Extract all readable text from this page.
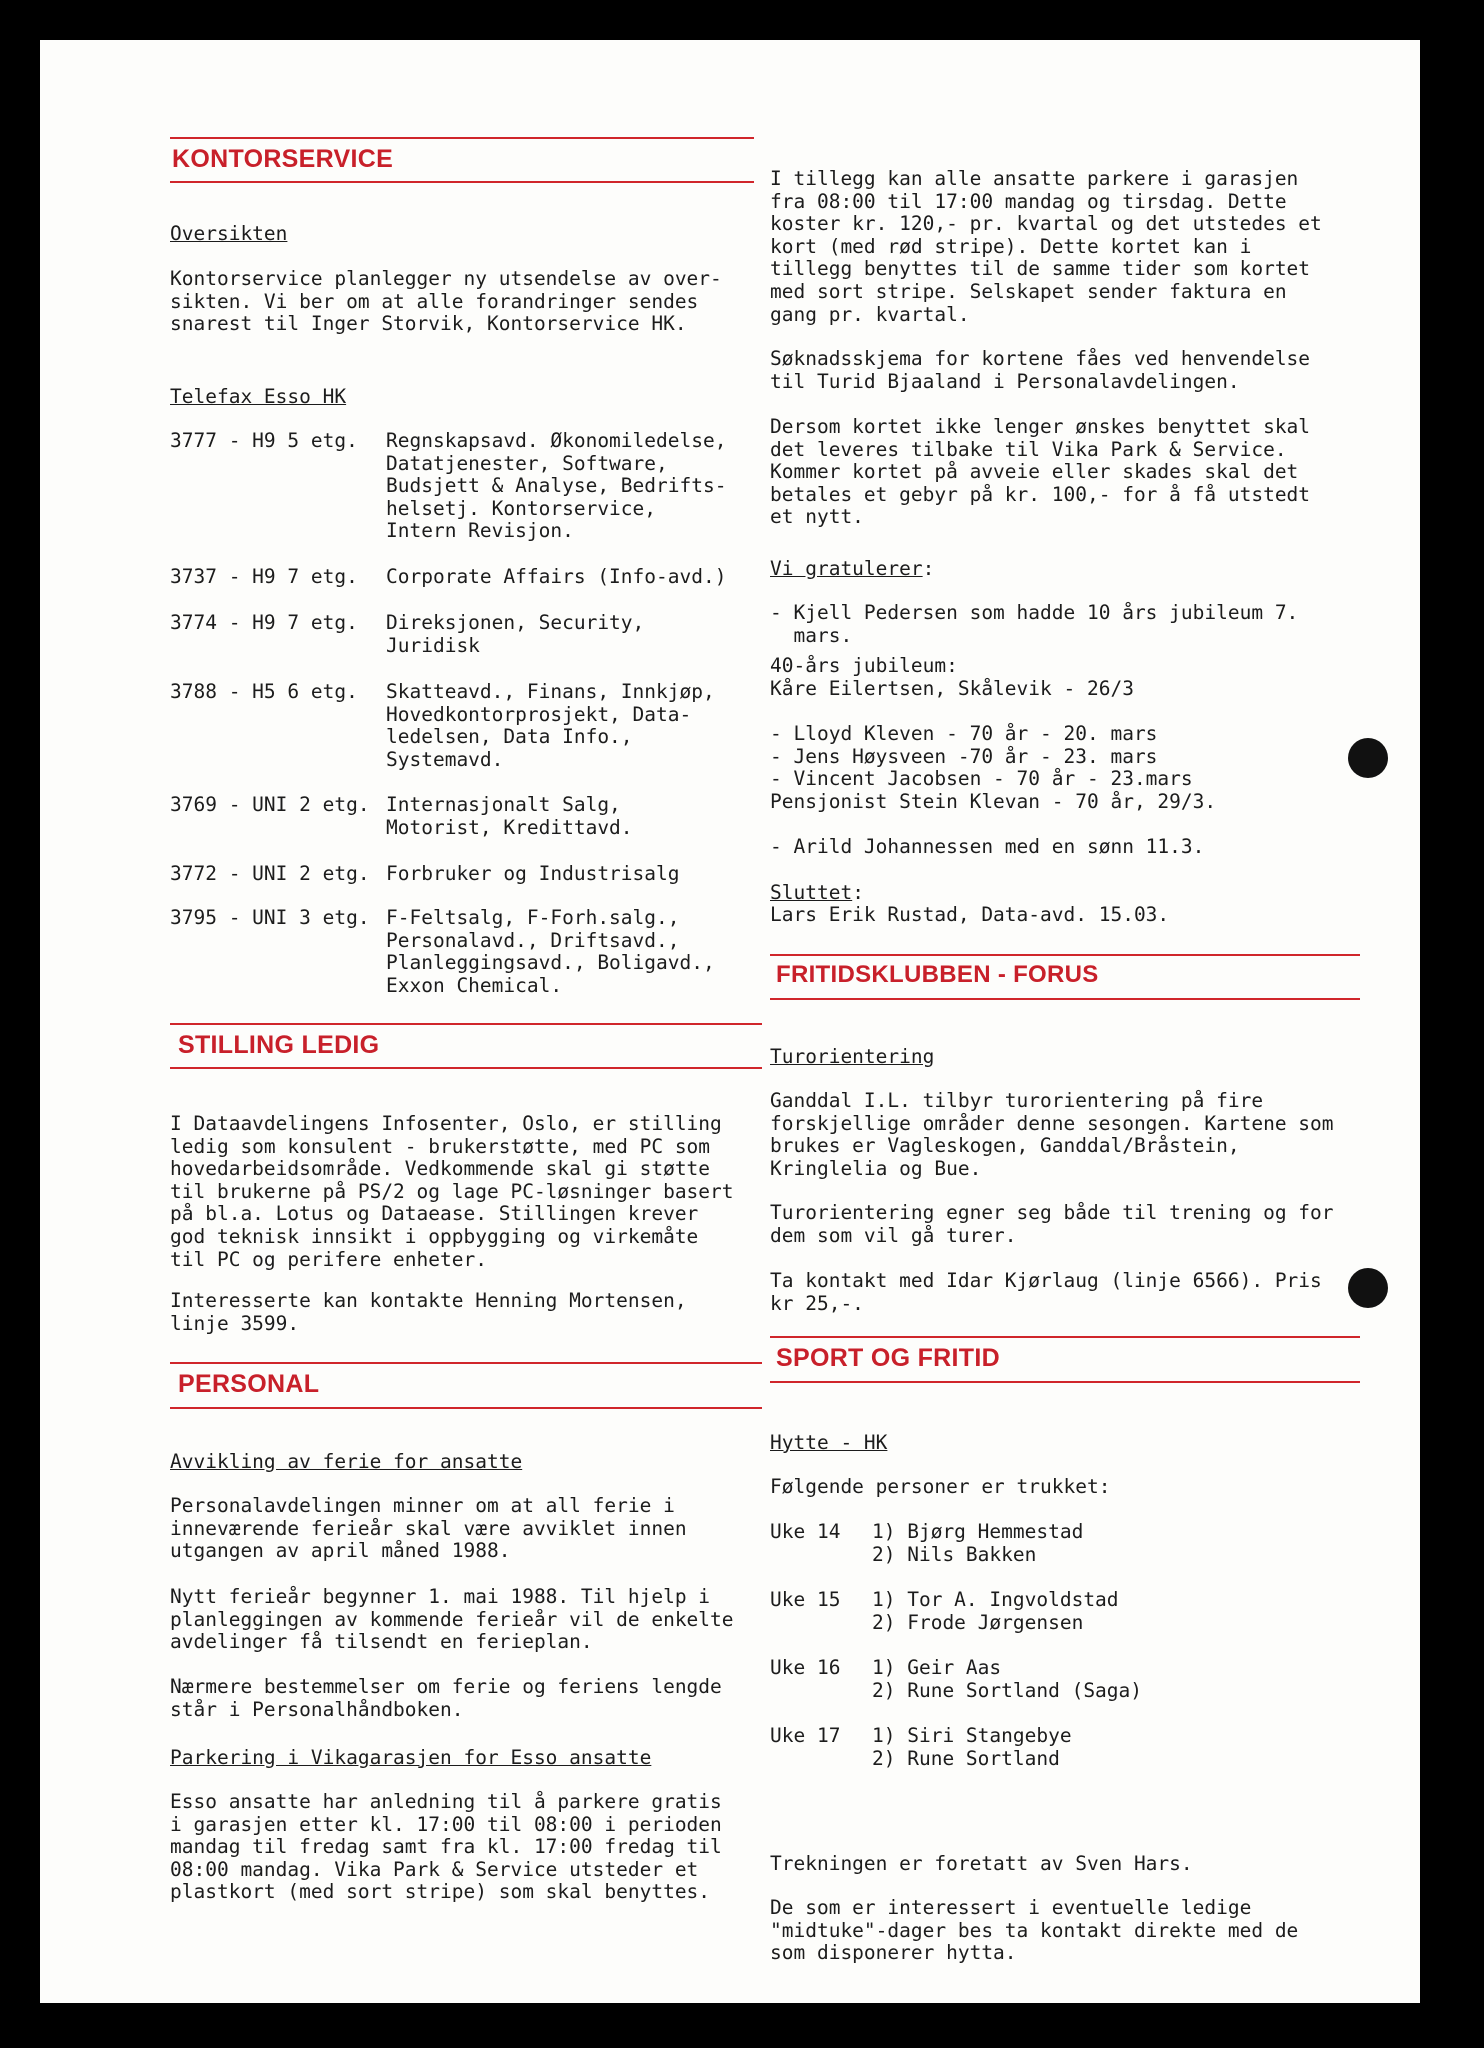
KONTORSERVICE
Oversikten
Kontorservice planlegger ny utsendelse av over-
sikten. Vi ber om at alle forandringer sendes
snarest til Inger Storvik, Kontorservice HK.
Telefax Esso HK
3777 - H9 5 etg. Regnskapsavd. Økonomiledelse,
Datatjenester, Software,
Budsjett & Analyse, Bedrifts-
helsetj. Kontorservice,
Intern Revisjon.
3737 - H9 7 etg. Corporate Affairs (Info-avd.)
3774 - H9 7 etg. Direksjonen, Security,
Juridisk
3788 - H5 6 etg. Skatteavd., Finans, Innkjøp,
Hovedkontorprosjekt, Data-
ledelsen, Data Info.,
Systemavd.
3769 - UNI 2 etg. Internasjonalt Salg,
Motorist, Kredittavd.
3772 - UNI 2 etg. Forbruker og Industrisalg
3795 - UNI 3 etg. F-Feltsalg, F-Forh.salg.,
Personalavd., Driftsavd.,
Planleggingsavd., Boligavd.,
Exxon Chemical.
STILLING LEDIG
I Dataavdelingens Infosenter, Oslo, er stilling
ledig som konsulent - brukerstøtte, med PC som
hovedarbeidsområde. Vedkommende skal gi støtte
til brukerne på PS/2 og lage PC-løsninger basert
på bl.a. Lotus og Dataease. Stillingen krever
god teknisk innsikt i oppbygging og virkemåte
til PC og perifere enheter.
Interesserte kan kontakte Henning Mortensen,
linje 3599.
PERSONAL
Avvikling av ferie for ansatte
Personalavdelingen minner om at all ferie i
inneværende ferieår skal være avviklet innen
utgangen av april måned 1988.
Nytt ferieår begynner 1. mai 1988. Til hjelp i
planleggingen av kommende ferieår vil de enkelte
avdelinger få tilsendt en ferieplan.
Nærmere bestemmelser om ferie og feriens lengde
står i Personalhåndboken.
Parkering i Vikagarasjen for Esso ansatte
Esso ansatte har anledning til å parkere gratis
i garasjen etter kl. 17:00 til 08:00 i perioden
mandag til fredag samt fra kl. 17:00 fredag til
08:00 mandag. Vika Park & Service utsteder et
plastkort (med sort stripe) som skal benyttes.
I tillegg kan alle ansatte parkere i garasjen
fra 08:00 til 17:00 mandag og tirsdag. Dette
koster kr. 120,- pr. kvartal og det utstedes et
kort (med rød stripe). Dette kortet kan i
tillegg benyttes til de samme tider som kortet
med sort stripe. Selskapet sender faktura en
gang pr. kvartal.
Søknadsskjema for kortene fåes ved henvendelse
til Turid Bjaaland i Personalavdelingen.
Dersom kortet ikke lenger ønskes benyttet skal
det leveres tilbake til Vika Park & Service.
Kommer kortet på avveie eller skades skal det
betales et gebyr på kr. 100,- for å få utstedt
et nytt.
Vi gratulerer:
- Kjell Pedersen som hadde 10 års jubileum 7.
mars.
40-års jubileum:
Kåre Eilertsen, Skålevik - 26/3
- Lloyd Kleven - 70 år - 20. mars
- Jens Høysveen -70 år - 23. mars
- Vincent Jacobsen - 70 år - 23.mars
Pensjonist Stein Klevan - 70 år, 29/3.
- Arild Johannessen med en sønn 11.3.
Sluttet:
Lars Erik Rustad, Data-avd. 15.03.
FRITIDSKLUBBEN - FORUS
Turorientering
Ganddal I.L. tilbyr turorientering på fire
forskjellige områder denne sesongen. Kartene som
brukes er Vagleskogen, Ganddal/Bråstein,
Kringlelia og Bue.
Turorientering egner seg både til trening og for
dem som vil gå turer.
Ta kontakt med Idar Kjørlaug (linje 6566). Pris
kr 25,-.
SPORT OG FRITID
Hytte - HK
Følgende personer er trukket:
Uke 14 1) Bjørg Hemmestad
2) Nils Bakken
Uke 15 1) Tor A. Ingvoldstad
2) Frode Jørgensen
Uke 16 1) Geir Aas
2) Rune Sortland (Saga)
Uke 17 1) Siri Stangebye
2) Rune Sortland
Trekningen er foretatt av Sven Hars.
De som er interessert i eventuelle ledige
"midtuke"-dager bes ta kontakt direkte med de
som disponerer hytta.
